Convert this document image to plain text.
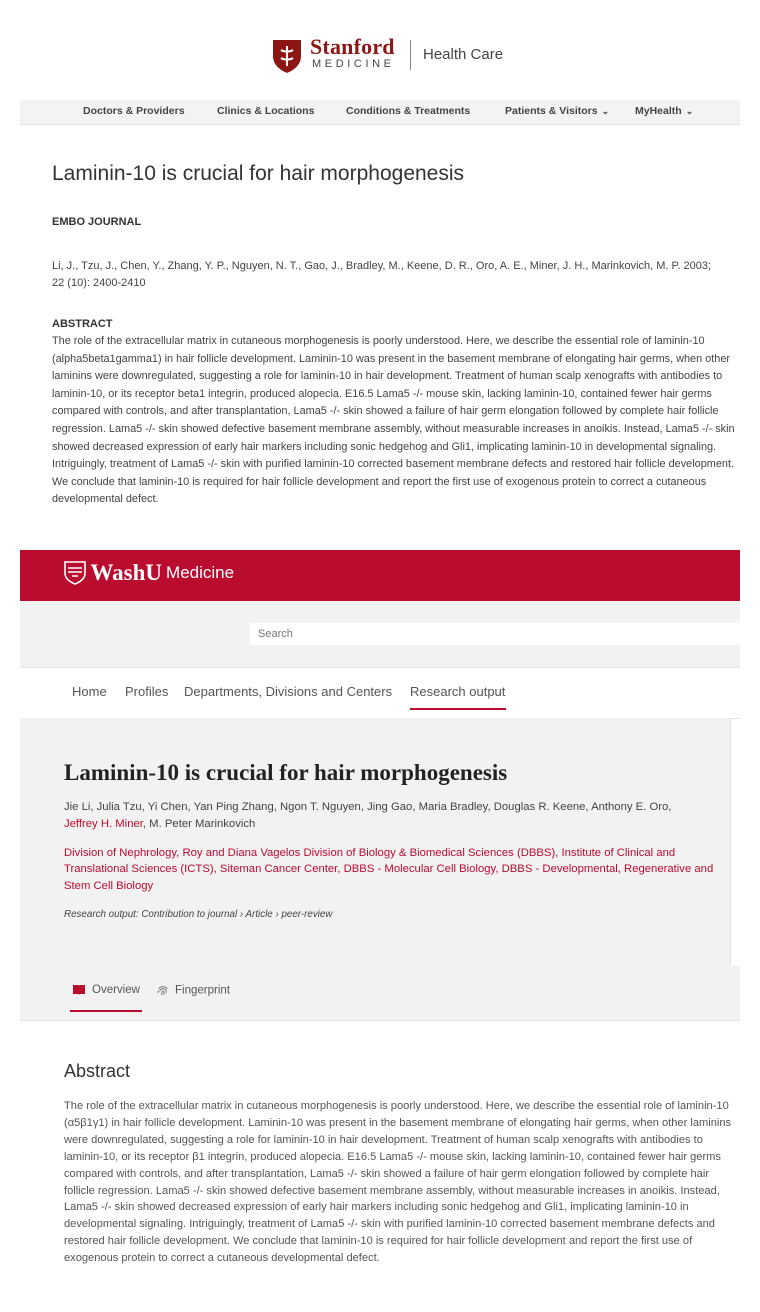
Stanford
MEDICINE
Health Care
Doctors & Providers	Clinics & Locations	Conditions & Treatments	Patients & Visitors ⌄ MyHealth ⌄
Laminin-10 is crucial for hair morphogenesis
EMBO JOURNAL
Li, J., Tzu, J., Chen, Y., Zhang, Y. P., Nguyen, N. T., Gao, J., Bradley, M., Keene, D. R., Oro, A. E., Miner, J. H., Marinkovich, M. P. 2003;
22 (10): 2400-2410
ABSTRACT
The role of the extracellular matrix in cutaneous morphogenesis is poorly understood. Here, we describe the essential role of laminin-10 (alpha5beta1gamma1) in hair follicle development. Laminin-10 was present in the basement membrane of elongating hair germs, when other laminins were downregulated, suggesting a role for laminin-10 in hair development. Treatment of human scalp xenografts with antibodies to laminin-10, or its receptor beta1 integrin, produced alopecia. E16.5 Lama5 -/- mouse skin, lacking laminin-10, contained fewer hair germs compared with controls, and after transplantation, Lama5 -/- skin showed a failure of hair germ elongation followed by complete hair follicle regression. Lama5 -/- skin showed defective basement membrane assembly, without measurable increases in anoikis. Instead, Lama5 -/- skin showed decreased expression of early hair markers including sonic hedgehog and Gli1, implicating laminin-10 in developmental signaling. Intriguingly, treatment of Lama5 -/- skin with purified laminin-10 corrected basement membrane defects and restored hair follicle development. We conclude that laminin-10 is required for hair follicle development and report the first use of exogenous protein to correct a cutaneous developmental defect.
WashU Medicine
Search
Home Profiles Departments, Divisions and Centers Research output
Laminin-10 is crucial for hair morphogenesis
Jie Li, Julia Tzu, Yi Chen, Yan Ping Zhang, Ngon T. Nguyen, Jing Gao, Maria Bradley, Douglas R. Keene, Anthony E. Oro, Jeffrey H. Miner, M. Peter Marinkovich
Division of Nephrology, Roy and Diana Vagelos Division of Biology & Biomedical Sciences (DBBS), Institute of Clinical and Translational Sciences (ICTS), Siteman Cancer Center, DBBS - Molecular Cell Biology, DBBS - Developmental, Regenerative and Stem Cell Biology
Research output: Contribution to journal › Article › peer-review
Overview	Fingerprint
Abstract
The role of the extracellular matrix in cutaneous morphogenesis is poorly understood. Here, we describe the essential role of laminin-10 (α5β1γ1) in hair follicle development. Laminin-10 was present in the basement membrane of elongating hair germs, when other laminins were downregulated, suggesting a role for laminin-10 in hair development. Treatment of human scalp xenografts with antibodies to laminin-10, or its receptor β1 integrin, produced alopecia. E16.5 Lama5 -/- mouse skin, lacking laminin-10, contained fewer hair germs compared with controls, and after transplantation, Lama5 -/- skin showed a failure of hair germ elongation followed by complete hair follicle regression. Lama5 -/- skin showed defective basement membrane assembly, without measurable increases in anoikis. Instead, Lama5 -/- skin showed decreased expression of early hair markers including sonic hedgehog and Gli1, implicating laminin-10 in developmental signaling. Intriguingly, treatment of Lama5 -/- skin with purified laminin-10 corrected basement membrane defects and restored hair follicle development. We conclude that laminin-10 is required for hair follicle development and report the first use of exogenous protein to correct a cutaneous developmental defect.
